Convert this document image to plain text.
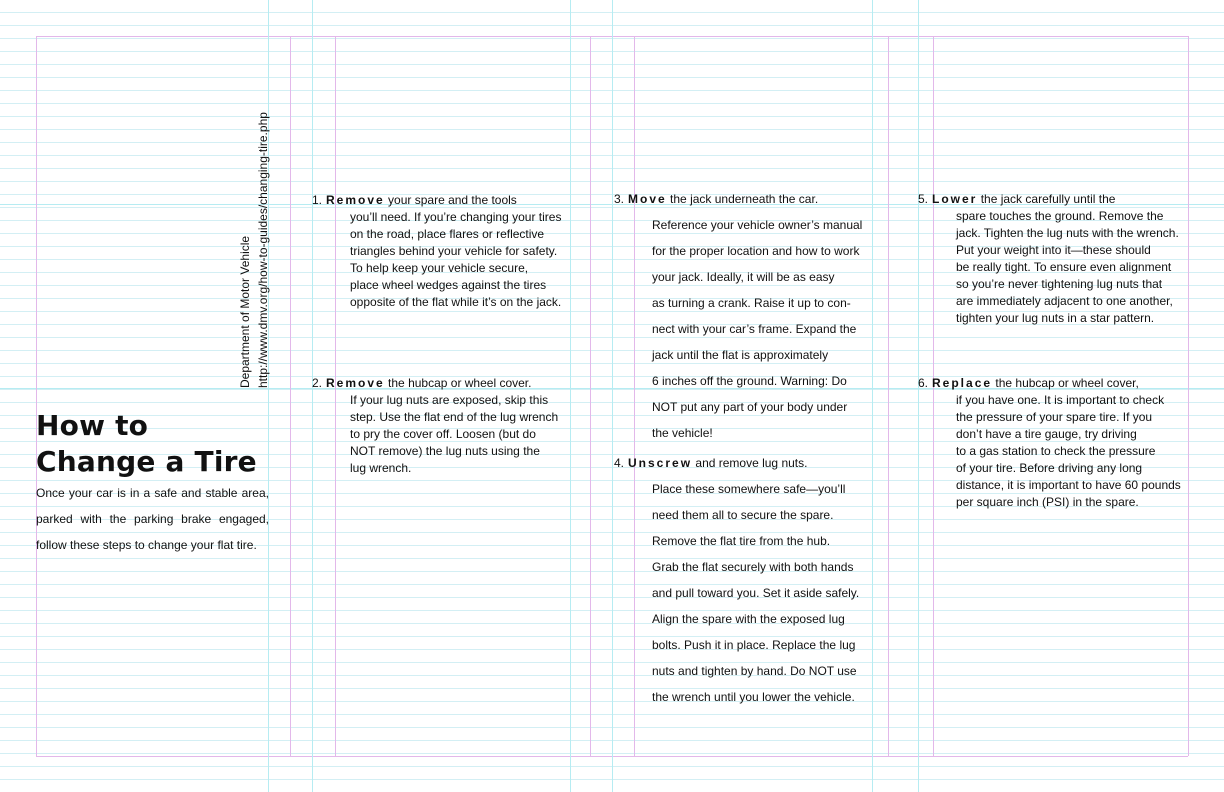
Department of Motor Vehicle http://www.dmv.org/how-to-guides/changing-tire.php
How to
Change a Tire

Once your car is in a safe and stable area, parked with the parking brake engaged, follow these steps to change your flat tire.

1. Remove your spare and the tools
you’ll need. If you’re changing your tires
on the road, place flares or reflective
triangles behind your vehicle for safety.
To help keep your vehicle secure,
place wheel wedges against the tires
opposite of the flat while it’s on the jack.
2. Remove the hubcap or wheel cover.
If your lug nuts are exposed, skip this
step. Use the flat end of the lug wrench
to pry the cover off. Loosen (but do
NOT remove) the lug nuts using the
lug wrench.
3. Move the jack underneath the car.
Reference your vehicle owner’s manual
for the proper location and how to work
your jack. Ideally, it will be as easy
as turning a crank. Raise it up to con-
nect with your car’s frame. Expand the
jack until the flat is approximately
6 inches off the ground. Warning: Do
NOT put any part of your body under
the vehicle!
4. Unscrew and remove lug nuts.
Place these somewhere safe—you’ll
need them all to secure the spare.
Remove the flat tire from the hub.
Grab the flat securely with both hands
and pull toward you. Set it aside safely.
Align the spare with the exposed lug
bolts. Push it in place. Replace the lug
nuts and tighten by hand. Do NOT use
the wrench until you lower the vehicle.
5. Lower the jack carefully until the
spare touches the ground. Remove the
jack. Tighten the lug nuts with the wrench.
Put your weight into it—these should
be really tight. To ensure even alignment
so you’re never tightening lug nuts that
are immediately adjacent to one another,
tighten your lug nuts in a star pattern.
6. Replace the hubcap or wheel cover,
if you have one. It is important to check
the pressure of your spare tire. If you
don’t have a tire gauge, try driving
to a gas station to check the pressure
of your tire. Before driving any long
distance, it is important to have 60 pounds
per square inch (PSI) in the spare.
